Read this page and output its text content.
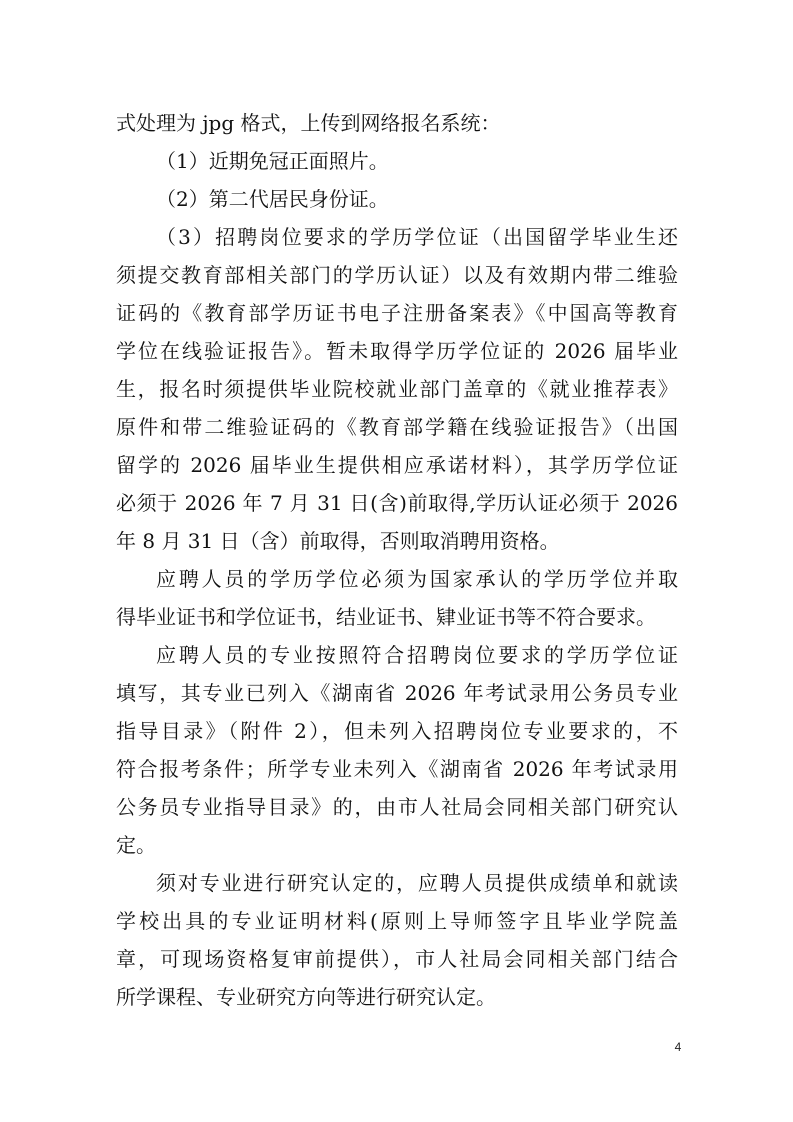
式处理为 jpg 格式，上传到网络报名系统：
（1）近期免冠正面照片。
（2）第二代居民身份证。
（3）招聘岗位要求的学历学位证（出国留学毕业生还
须提交教育部相关部门的学历认证）以及有效期内带二维验
证码的《教育部学历证书电子注册备案表》《中国高等教育
学位在线验证报告》。暂未取得学历学位证的 2026 届毕业
生，报名时须提供毕业院校就业部门盖章的《就业推荐表》
原件和带二维验证码的《教育部学籍在线验证报告》（出国
留学的 2026 届毕业生提供相应承诺材料），其学历学位证
必须于 2026 年 7 月 31 日(含)前取得,学历认证必须于 2026
年 8 月 31 日（含）前取得，否则取消聘用资格。
应聘人员的学历学位必须为国家承认的学历学位并取
得毕业证书和学位证书，结业证书、肄业证书等不符合要求。
应聘人员的专业按照符合招聘岗位要求的学历学位证
填写，其专业已列入《湖南省 2026 年考试录用公务员专业
指导目录》（附件 2），但未列入招聘岗位专业要求的，不
符合报考条件；所学专业未列入《湖南省 2026 年考试录用
公务员专业指导目录》的，由市人社局会同相关部门研究认
定。
须对专业进行研究认定的，应聘人员提供成绩单和就读
学校出具的专业证明材料(原则上导师签字且毕业学院盖
章，可现场资格复审前提供），市人社局会同相关部门结合
所学课程、专业研究方向等进行研究认定。
4
